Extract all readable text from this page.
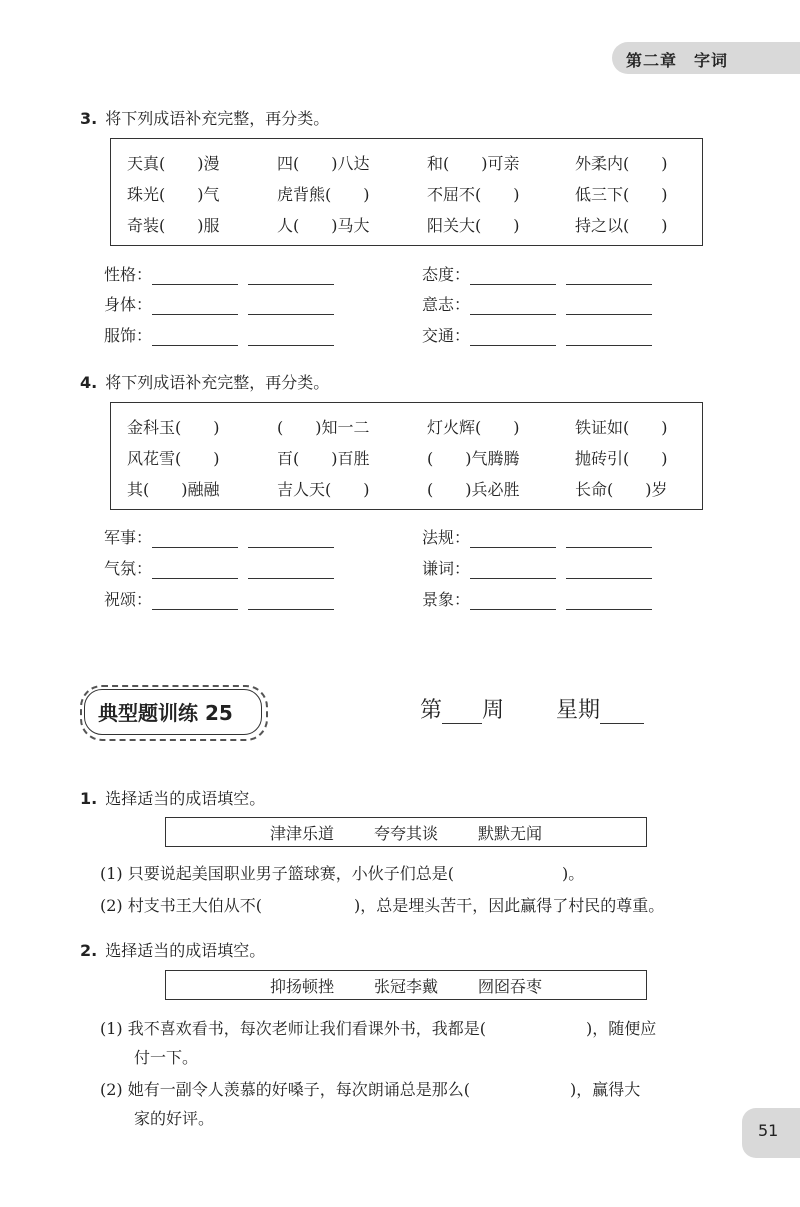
第二章　字词
3. 将下列成语补充完整，再分类。
天真(　　)漫	四(　　)八达	和(　　)可亲	外柔内(　　)
珠光(　　)气	虎背熊(　　)	不屈不(　　)	低三下(　　)
奇装(　　)服	人(　　)马大	阳关大(　　)	持之以(　　)
性格：	态度：
身体：	意志：
服饰：	交通：
4. 将下列成语补充完整，再分类。
金科玉(　　)	(　　)知一二	灯火辉(　　)	铁证如(　　)
风花雪(　　)	百(　　)百胜	(　　)气腾腾	抛砖引(　　)
其(　　)融融	吉人天(　　)	(　　)兵必胜	长命(　　)岁
军事：	法规：
气氛：	谦词：
祝颂：	景象：
典型题训练 25	第 周 星期
1. 选择适当的成语填空。
津津乐道	夸夸其谈	默默无闻
(1) 只要说起美国职业男子篮球赛，小伙子们总是(	)。
(2) 村支书王大伯从不(	)，总是埋头苦干，因此赢得了村民的尊重。
2. 选择适当的成语填空。
抑扬顿挫	张冠李戴	囫囵吞枣
(1) 我不喜欢看书，每次老师让我们看课外书，我都是(	)，随便应
付一下。
(2) 她有一副令人羡慕的好嗓子，每次朗诵总是那么(	)，赢得大
家的好评。
51
